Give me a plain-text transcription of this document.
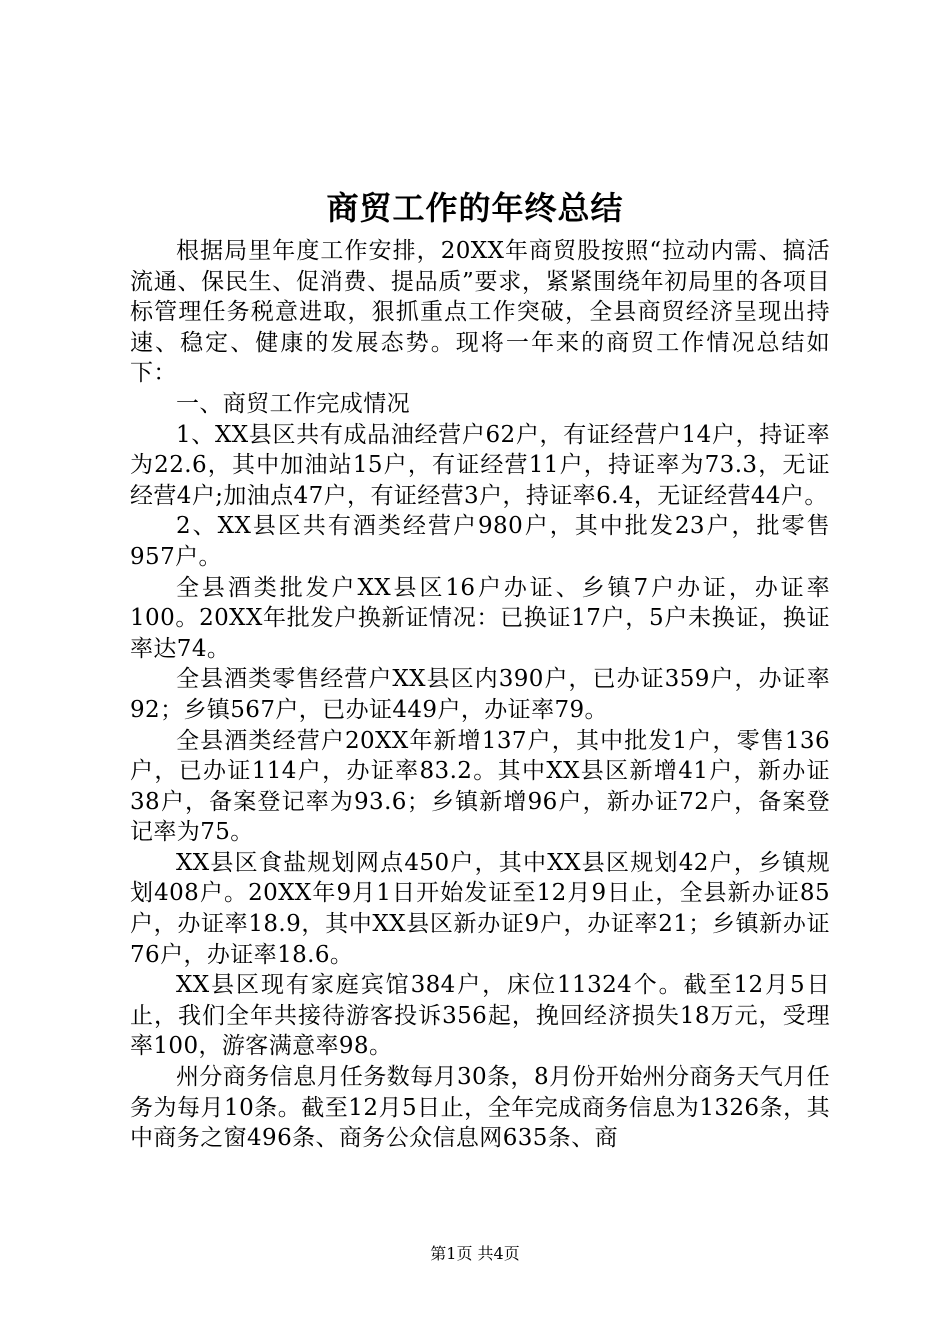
商贸工作的年终总结

根据局里年度工作安排，20XX年商贸股按照“拉动内需、搞活流通、保民生、促消费、提品质”要求，紧紧围绕年初局里的各项目标管理任务税意进取，狠抓重点工作突破，全县商贸经济呈现出持速、稳定、健康的发展态势。现将一年来的商贸工作情况总结如下：

一、商贸工作完成情况

1、XX县区共有成品油经营户62户，有证经营户14户，持证率为22.6，其中加油站15户，有证经营11户，持证率为73.3，无证经营4户;加油点47户，有证经营3户，持证率6.4，无证经营44户。

2、XX县区共有酒类经营户980户，其中批发23户，批零售957户。

全县酒类批发户XX县区16户办证、乡镇7户办证，办证率100。20XX年批发户换新证情况：已换证17户，5户未换证，换证率达74。

全县酒类零售经营户XX县区内390户，已办证359户，办证率92；乡镇567户，已办证449户，办证率79。

全县酒类经营户20XX年新增137户，其中批发1户，零售136户，已办证114户，办证率83.2。其中XX县区新增41户，新办证38户，备案登记率为93.6；乡镇新增96户，新办证72户，备案登记率为75。

XX县区食盐规划网点450户，其中XX县区规划42户，乡镇规划408户。20XX年9月1日开始发证至12月9日止，全县新办证85户，办证率18.9，其中XX县区新办证9户，办证率21；乡镇新办证76户，办证率18.6。

XX县区现有家庭宾馆384户，床位11324个。截至12月5日止，我们全年共接待游客投诉356起，挽回经济损失18万元，受理率100，游客满意率98。

州分商务信息月任务数每月30条，8月份开始州分商务天气月任务为每月10条。截至12月5日止，全年完成商务信息为1326条，其中商务之窗496条、商务公众信息网635条、商

第1页 共4页
